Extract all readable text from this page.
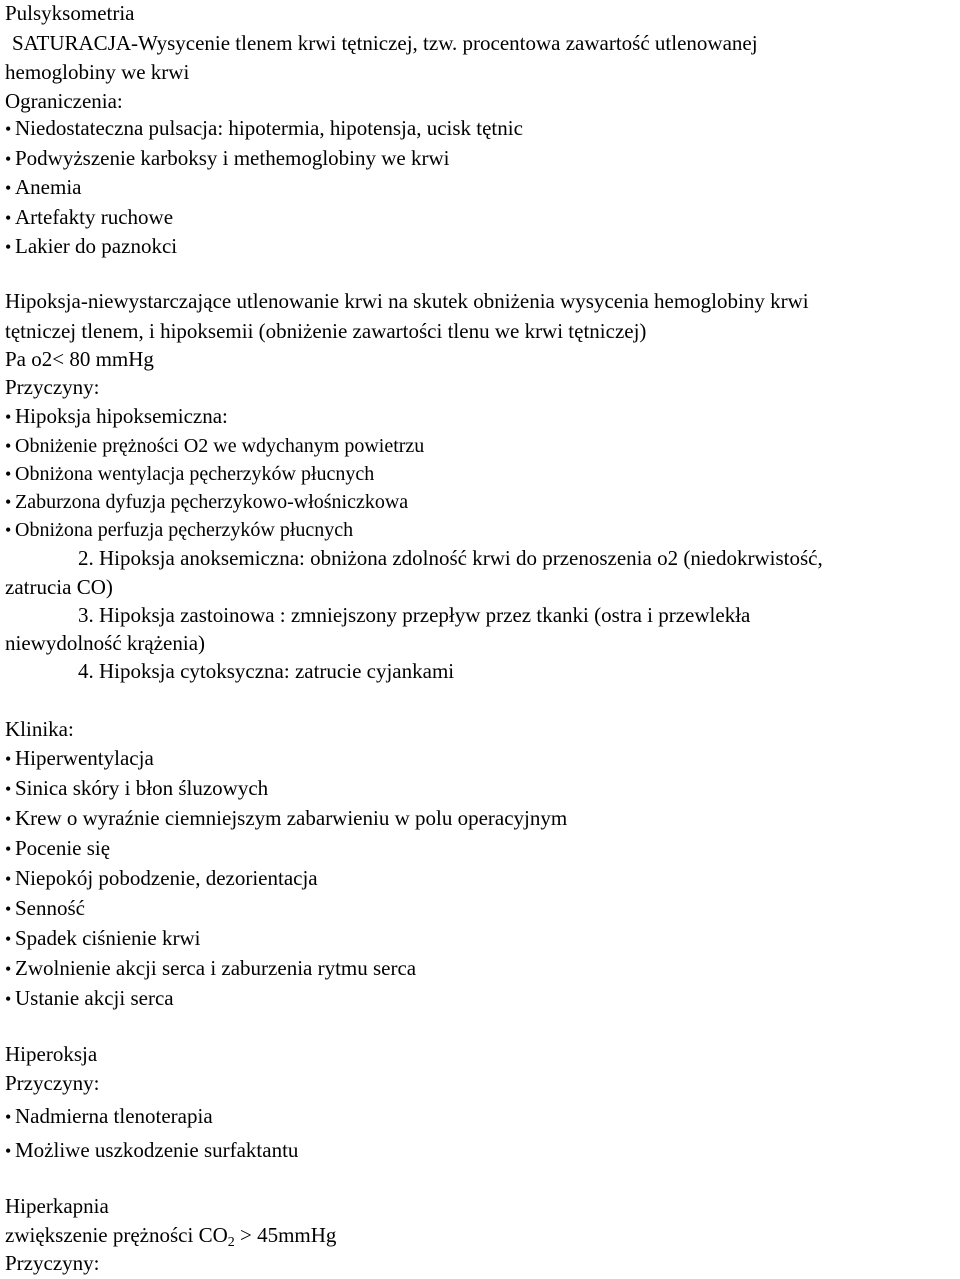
Pulsyksometria
SATURACJA-Wysycenie tlenem krwi tętniczej, tzw. procentowa zawartość utlenowanej
hemoglobiny we krwi
Ograniczenia:
• Niedostateczna pulsacja: hipotermia, hipotensja, ucisk tętnic
• Podwyższenie karboksy i methemoglobiny we krwi
• Anemia
• Artefakty ruchowe
• Lakier do paznokci
Hipoksja-niewystarczające utlenowanie krwi na skutek obniżenia wysycenia hemoglobiny krwi
tętniczej tlenem, i hipoksemii (obniżenie zawartości tlenu we krwi tętniczej)
Pa o2< 80 mmHg
Przyczyny:
• Hipoksja hipoksemiczna:
• Obniżenie prężności O2 we wdychanym powietrzu
• Obniżona wentylacja pęcherzyków płucnych
• Zaburzona dyfuzja pęcherzykowo-włośniczkowa
• Obniżona perfuzja pęcherzyków płucnych
2. Hipoksja anoksemiczna: obniżona zdolność krwi do przenoszenia o2 (niedokrwistość,
zatrucia CO)
3. Hipoksja zastoinowa : zmniejszony przepływ przez tkanki (ostra i przewlekła
niewydolność krążenia)
4. Hipoksja cytoksyczna: zatrucie cyjankami
Klinika:
• Hiperwentylacja
• Sinica skóry i błon śluzowych
• Krew o wyraźnie ciemniejszym zabarwieniu w polu operacyjnym
• Pocenie się
• Niepokój pobodzenie, dezorientacja
• Senność
• Spadek ciśnienie krwi
• Zwolnienie akcji serca i zaburzenia rytmu serca
• Ustanie akcji serca
Hiperoksja
Przyczyny:
• Nadmierna tlenoterapia
• Możliwe uszkodzenie surfaktantu
Hiperkapnia
zwiększenie prężności $CO_2$ > 45mmHg
Przyczyny:
